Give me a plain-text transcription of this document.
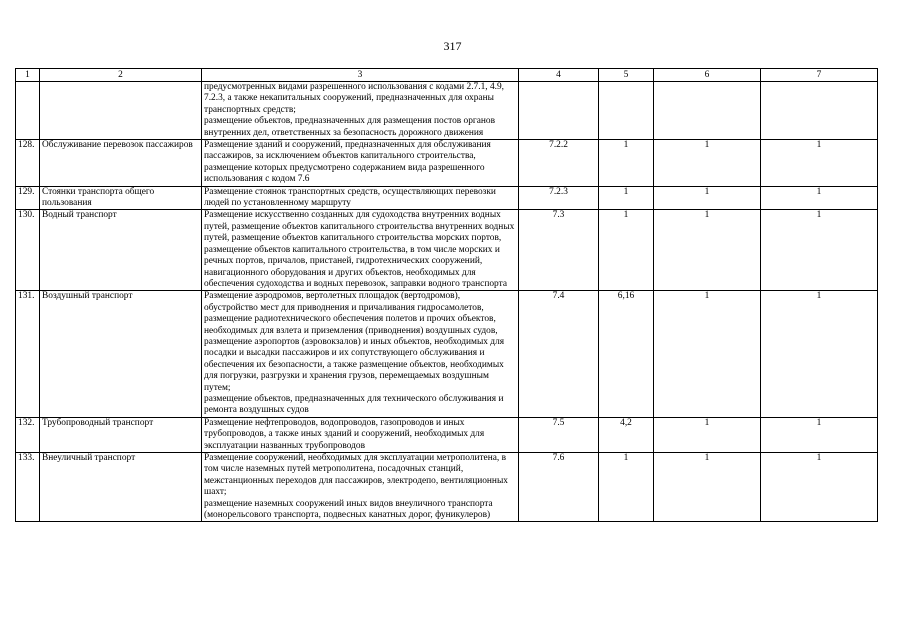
317
1	2	3	4	5	6	7
		предусмотренных видами разрешенного использования с кодами 2.7.1, 4.9, 7.2.3, а также некапитальных сооружений, предназначенных для охраны транспортных средств;
размещение объектов, предназначенных для размещения постов органов внутренних дел, ответственных за безопасность дорожного движения				
128.	Обслуживание перевозок пассажиров	Размещение зданий и сооружений, предназначенных для обслуживания пассажиров, за исключением объектов капитального строительства, размещение которых предусмотрено содержанием вида разрешенного использования с кодом 7.6	7.2.2	1	1	1
129.	Стоянки транспорта общего пользования	Размещение стоянок транспортных средств, осуществляющих перевозки людей по установленному маршруту	7.2.3	1	1	1
130.	Водный транспорт	Размещение искусственно созданных для судоходства внутренних водных путей, размещение объектов капитального строительства внутренних водных путей, размещение объектов капитального строительства морских портов, размещение объектов капитального строительства, в том числе морских и речных портов, причалов, пристаней, гидротехнических сооружений, навигационного оборудования и других объектов, необходимых для обеспечения судоходства и водных перевозок, заправки водного транспорта	7.3	1	1	1
131.	Воздушный транспорт	Размещение аэродромов, вертолетных площадок (вертодромов), обустройство мест для приводнения и причаливания гидросамолетов, размещение радиотехнического обеспечения полетов и прочих объектов, необходимых для взлета и приземления (приводнения) воздушных судов, размещение аэропортов (аэровокзалов) и иных объектов, необходимых для посадки и высадки пассажиров и их сопутствующего обслуживания и обеспечения их безопасности, а также размещение объектов, необходимых для погрузки, разгрузки и хранения грузов, перемещаемых воздушным путем;
размещение объектов, предназначенных для технического обслуживания и ремонта воздушных судов	7.4	6,16	1	1
132.	Трубопроводный транспорт	Размещение нефтепроводов, водопроводов, газопроводов и иных трубопроводов, а также иных зданий и сооружений, необходимых для эксплуатации названных трубопроводов	7.5	4,2	1	1
133.	Внеуличный транспорт	Размещение сооружений, необходимых для эксплуатации метрополитена, в том числе наземных путей метрополитена, посадочных станций, межстанционных переходов для пассажиров, электродепо, вентиляционных шахт;
размещение наземных сооружений иных видов внеуличного транспорта (монорельсового транспорта, подвесных канатных дорог, фуникулеров)	7.6	1	1	1
